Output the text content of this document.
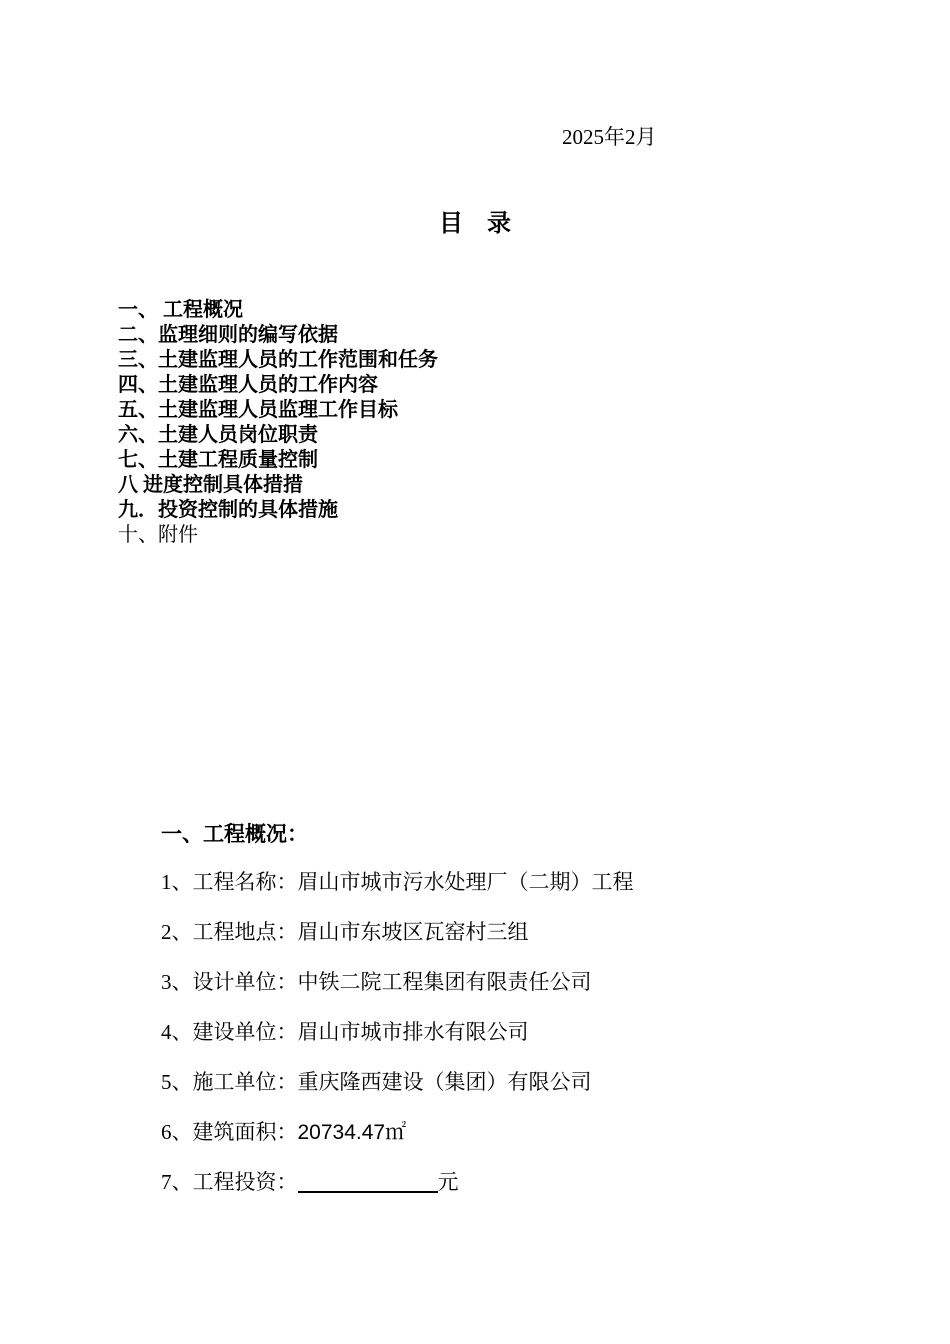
2025年2月
目录
一、 工程概况
二、监理细则的编写依据
三、土建监理人员的工作范围和任务
四、土建监理人员的工作内容
五、土建监理人员监理工作目标
六、土建人员岗位职责
七、土建工程质量控制
八 进度控制具体措措
九．投资控制的具体措施
十、附件
一、工程概况：
1、工程名称：眉山市城市污水处理厂（二期）工程
2、工程地点：眉山市东坡区瓦窑村三组
3、设计单位：中铁二院工程集团有限责任公司
4、建设单位：眉山市城市排水有限公司
5、施工单位：重庆隆西建设（集团）有限公司
6、建筑面积：20734.47㎡
7、工程投资：	元
